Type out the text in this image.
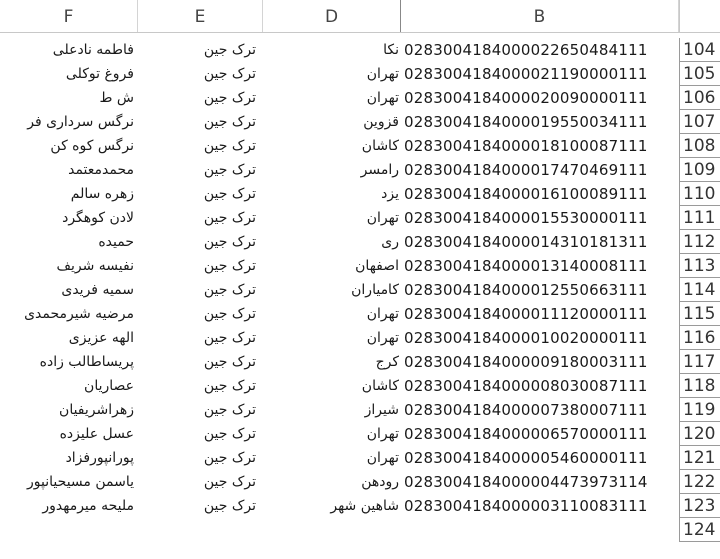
F	E	D	B
فاطمه نادعلی	ترک جین	نکا 0283004184000022650484111	104
فروغ توکلی	ترک جین	تهران 0283004184000021190000111	105
ش ط	ترک جین	تهران 0283004184000020090000111	106
نرگس سرداری فر	ترک جین	قزوین 0283004184000019550034111	107
نرگس کوه کن	ترک جین	کاشان 0283004184000018100087111	108
محمدمعتمد	ترک جین	رامسر 0283004184000017470469111	109
زهره سالم	ترک جین	یزد 0283004184000016100089111	110
لادن کوهگرد	ترک جین	تهران 0283004184000015530000111	111
حمیده	ترک جین	ری 0283004184000014310181311	112
نفیسه شریف	ترک جین	اصفهان 0283004184000013140008111	113
سمیه فریدی	ترک جین	کامیاران 0283004184000012550663111	114
مرضیه شیرمحمدی	ترک جین	تهران 0283004184000011120000111	115
الهه عزیزی	ترک جین	تهران 0283004184000010020000111	116
پریساطالب زاده	ترک جین	کرج 0283004184000009180003111	117
عصاریان	ترک جین	کاشان 0283004184000008030087111	118
زهراشریفیان	ترک جین	شیراز 0283004184000007380007111	119
عسل علیزده	ترک جین	تهران 0283004184000006570000111	120
پورانپورفزاد	ترک جین	تهران 0283004184000005460000111	121
یاسمن مسیحیانپور	ترک جین	رودهن 0283004184000004473973114	122
ملیحه میرمهدور	ترک جین	شاهین شهر 0283004184000003110083111	123
124
